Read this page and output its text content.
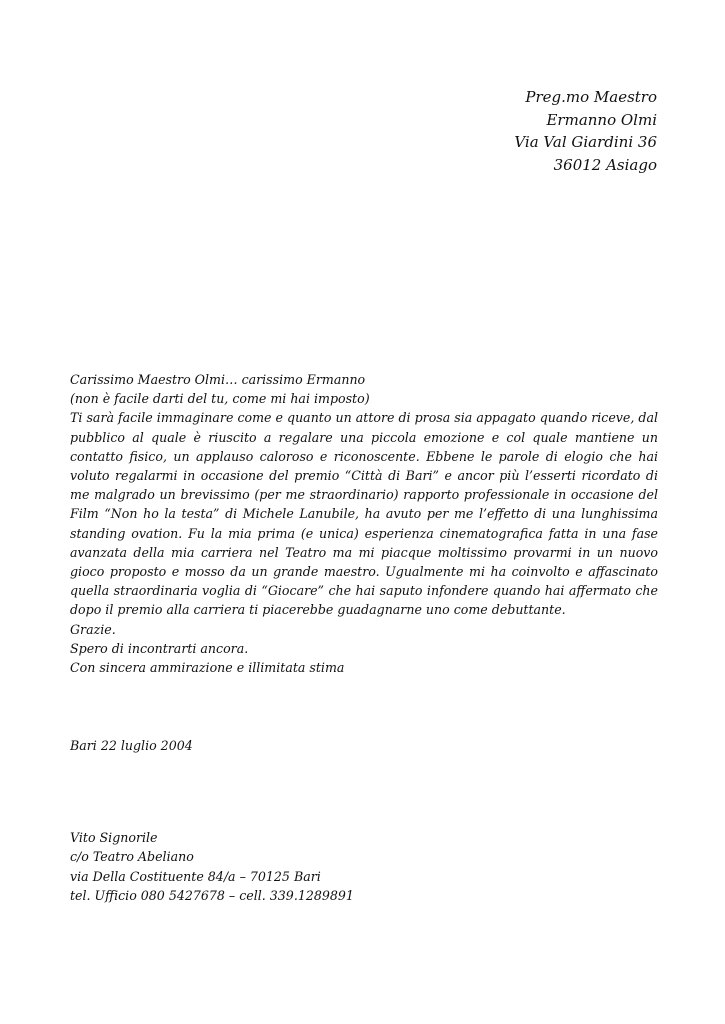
Preg.mo Maestro
Ermanno Olmi
Via Val Giardini 36
36012 Asiago
Carissimo Maestro Olmi… carissimo Ermanno
(non è facile darti del tu, come mi hai imposto)
Ti sarà facile immaginare come e quanto un attore di prosa sia appagato quando riceve, dal pubblico al quale è riuscito a regalare una piccola emozione e col quale mantiene un contatto fisico, un applauso caloroso e riconoscente. Ebbene le parole di elogio che hai voluto regalarmi in occasione del premio “Città di Bari” e ancor più l’esserti ricordato di me malgrado un brevissimo (per me straordinario) rapporto professionale in occasione del Film “Non ho la testa” di Michele Lanubile, ha avuto per me l’effetto di una lunghissima standing ovation. Fu la mia prima (e unica) esperienza cinematografica fatta in una fase avanzata della mia carriera nel Teatro ma mi piacque moltissimo provarmi in un nuovo gioco proposto e mosso da un grande maestro. Ugualmente mi ha coinvolto e affascinato quella straordinaria voglia di “Giocare” che hai saputo infondere quando hai affermato che dopo il premio alla carriera ti piacerebbe guadagnarne uno come debuttante.
Grazie.
Spero di incontrarti ancora.
Con sincera ammirazione e illimitata stima
Bari 22 luglio 2004
Vito Signorile
c/o Teatro Abeliano
via Della Costituente 84/a – 70125 Bari
tel. Ufficio 080 5427678 – cell. 339.1289891
